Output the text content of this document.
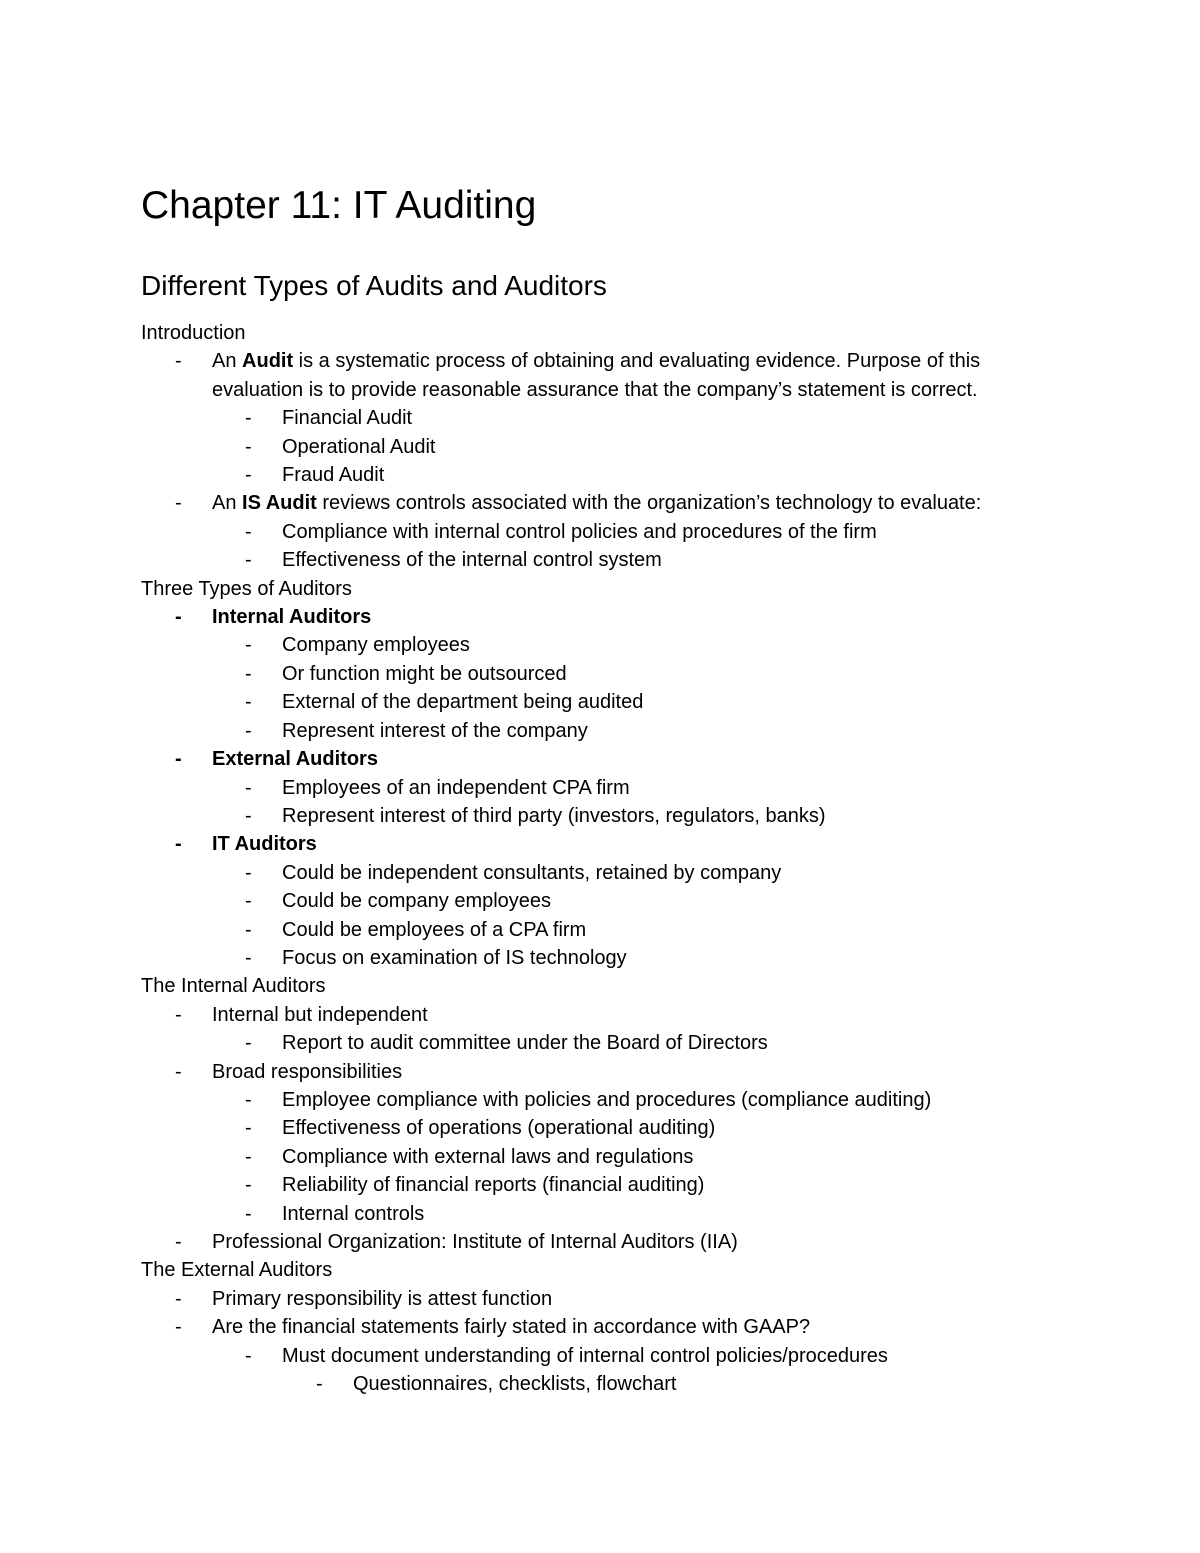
Chapter 11: IT Auditing
Different Types of Audits and Auditors

Introduction

- An Audit is a systematic process of obtaining and evaluating evidence. Purpose of this evaluation is to provide reasonable assurance that the company’s statement is correct.

- Financial Audit

- Operational Audit

- Fraud Audit

- An IS Audit reviews controls associated with the organization’s technology to evaluate:

- Compliance with internal control policies and procedures of the firm

- Effectiveness of the internal control system

Three Types of Auditors

- Internal Auditors

- Company employees

- Or function might be outsourced

- External of the department being audited

- Represent interest of the company

- External Auditors

- Employees of an independent CPA firm

- Represent interest of third party (investors, regulators, banks)

- IT Auditors

- Could be independent consultants, retained by company

- Could be company employees

- Could be employees of a CPA firm

- Focus on examination of IS technology

The Internal Auditors

- Internal but independent

- Report to audit committee under the Board of Directors

- Broad responsibilities

- Employee compliance with policies and procedures (compliance auditing)

- Effectiveness of operations (operational auditing)

- Compliance with external laws and regulations

- Reliability of financial reports (financial auditing)

- Internal controls

- Professional Organization: Institute of Internal Auditors (IIA)

The External Auditors

- Primary responsibility is attest function

- Are the financial statements fairly stated in accordance with GAAP?

- Must document understanding of internal control policies/procedures

- Questionnaires, checklists, flowchart
